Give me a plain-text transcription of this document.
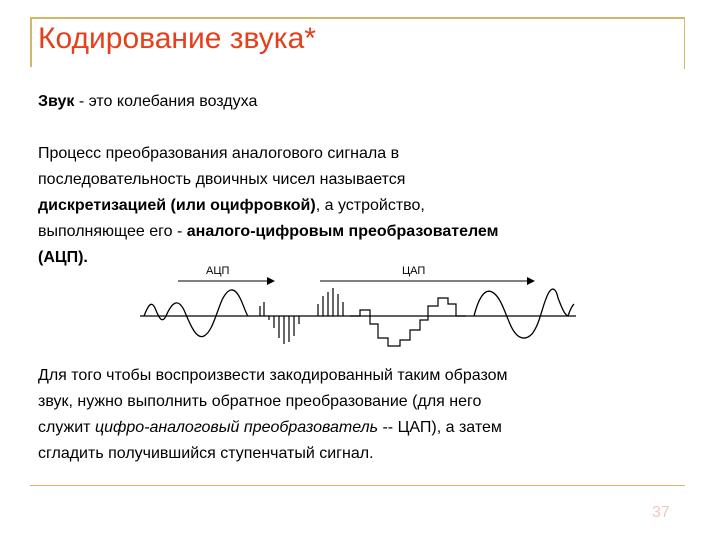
Кодирование звука*
Звук - это колебания воздуха
Процесс преобразования аналогового сигнала в
последовательность двоичных чисел называется
дискретизацией (или оцифровкой), а устройство,
выполняющее его - аналого-цифровым преобразователем
(АЦП).
АЦП	ЦАП
Для того чтобы воспроизвести закодированный таким образом
звук, нужно выполнить обратное преобразование (для него
служит цифро-аналоговый преобразователь -- ЦАП), а затем
сгладить получившийся ступенчатый сигнал.
37
